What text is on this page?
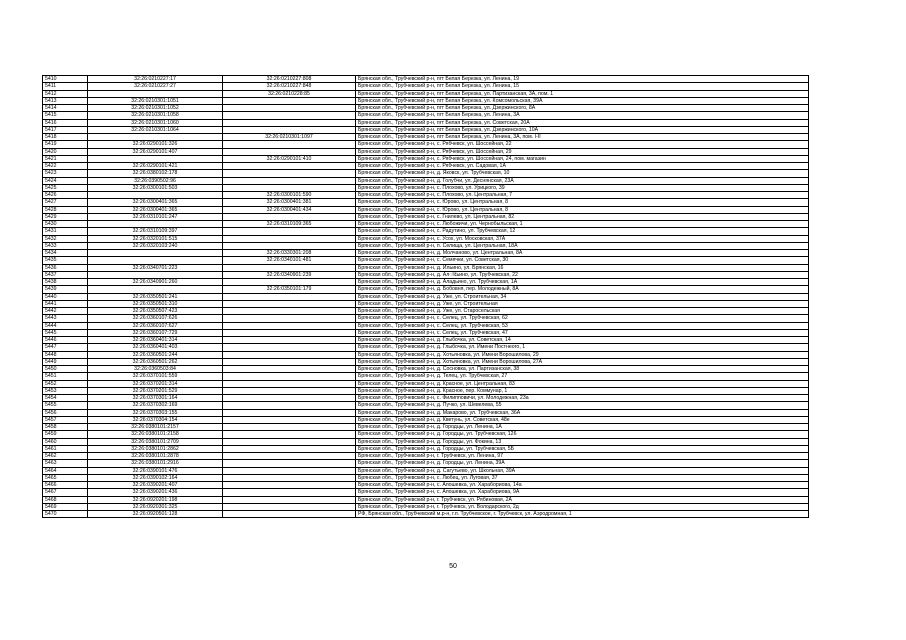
5410	32:26:0210227:17	32:26:0210227:808	Брянская обл., Трубчевский р-н, пгт Белая Березка, ул. Ленина, 19
5411	32:26:0210227:27	32:26:0210227:848	Брянская обл., Трубчевский р-н, пгт Белая Березка, ул. Ленина, 15
5412		32:26:0210228:85	Брянская обл., Трубчевский р-н, пгт Белая Березка, ул. Партизанская, 3А, пом. 1
5413	32:26:0210301:1051		Брянская обл., Трубчевский р-н, пгт Белая Березка, ул. Комсомольская, 39А
5414	32:26:0210301:1052		Брянская обл., Трубчевский р-н, пгт Белая Березка, ул. Дзержинского, 8А
5415	32:26:0210301:1058		Брянская обл., Трубчевский р-н, пгт Белая Березка, ул. Ленина, 3А
5416	32:26:0210301:1060		Брянская обл., Трубчевский р-н, пгт Белая Березка, ул. Советская, 20А
5417	32:26:0210301:1064		Брянская обл., Трубчевский р-н, пгт Белая Березка, ул. Дзержинского, 10А
5418		32:26:0210301:1097	Брянская обл., Трубчевский р-н, пгт Белая Березка, ул. Ленина, 3А, пом. I-II
5419	32:26:0290101:326		Брянская обл., Трубчевский р-н, с. Рябчевск, ул. Шоссейная, 22
5420	32:26:0290101:407		Брянская обл., Трубчевский р-н, с. Рябчевск, ул. Шоссейная, 29
5421		32:26:0290101:410	Брянская обл., Трубчевский р-н, с. Рябчевск, ул. Шоссейная, 24, пом. магазин
5422	32:26:0290101:421		Брянская обл., Трубчевский р-н, с. Рябчевск, ул. Садовая, 1А
5423	32:26:0380102:178		Брянская обл., Трубчевский р-н, д. Яковск, ул. Трубчевская, 10
5424	32:26:0390502:96		Брянская обл., Трубчевский р-н, д. Голубчи, ул. Деснянская, 23А
5425	32:26:0300101:503		Брянская обл., Трубчевский р-н, с. Плохово, ул. Урицкого, 39
5426		32:26:0300101:590	Брянская обл., Трубчевский р-н, с. Плохово, ул. Центральная, 7
5427	32:26:0300401:365	32:26:0300401:381	Брянская обл., Трубчевский р-н, с. Юрово, ул. Центральная, 8
5428	32:26:0300401:365	32:26:0300401:434	Брянская обл., Трубчевский р-н, с. Юрово, ул. Центральная, 8
5429	32:26:0310101:247		Брянская обл., Трубчевский р-н, с. Гнилево, ул. Центральная, 82
5430		32:26:0310109:365	Брянская обл., Трубчевский р-н, с. Любожичи, ул. Чернобыльская, 1
5431	32:26:0310109:397		Брянская обл., Трубчевский р-н, с. Радутино, ул. Трубчевская, 12
5432	32:26:0320101:515		Брянская обл., Трубчевский р-н, с. Усох, ул. Московская, 37А
5433	32:26:0320103:240		Брянская обл., Трубчевский р-н, п. Селища, ул. Центральная, 18А
5434		32:26:0330301:208	Брянская обл., Трубчевский р-н, д. Молчаново, ул. Центральная, 8А
5435		32:26:0340101:481	Брянская обл., Трубчевский р-н, с. Семячки, ул. Советская, 30
5436	32:26:0340701:223		Брянская обл., Трубчевский р-н, д. Ильино, ул. Брянская, 16
5437		32:26:0340901:239	Брянская обл., Трубчевский р-н, д. Алादьино, ул. Трубчевская, 22
5438	32:26:0340901:260		Брянская обл., Трубчевский р-н, д. Аладьино, ул. Трубчевская, 1А
5439		32:26:0350101:179	Брянская обл., Трубчевский р-н, д. Бобовня, пер. Молодежный, 8А
5440	32:26:0350501:241		Брянская обл., Трубчевский р-н, д. Уже, ул. Строительная, 34
5441	32:26:0350501:310		Брянская обл., Трубчевский р-н, д. Уже, ул. Строительная
5442	32:26:0350507:423		Брянская обл., Трубчевский р-н, д. Уже, ул. Старосельская
5443	32:26:0360107:626		Брянская обл., Трубчевский р-н, с. Селец, ул. Трубчевская, 62
5444	32:26:0360107:627		Брянская обл., Трубчевский р-н, с. Селец, ул. Трубчевская, 53
5445	32:26:0360107:729		Брянская обл., Трубчевский р-н, с. Селец, ул. Трубчевская, 47
5446	32:26:0360401:314		Брянская обл., Трубчевский р-н, д. Глыбочка, ул. Советская, 14
5447	32:26:0360401:403		Брянская обл., Трубчевский р-н, д. Глыбочка, ул. Имени Постнеого, 1
5448	32:26:0360501:244		Брянская обл., Трубчевский р-н, д. Хотьяновка, ул. Имени Ворошилова, 29
5449	32:26:0360501:262		Брянская обл., Трубчевский р-н, д. Хотьяновка, ул. Имени Ворошилова, 27А
5450	32:26:0360503:84		Брянская обл., Трубчевский р-н, д. Сосновка, ул. Партизанская, 38
5451	32:26:0370101:559		Брянская обл., Трубчевский р-н, д. Телец, ул. Трубчевская, 27
5452	32:26:0370201:314		Брянская обл., Трубчевский р-н, д. Красное, ул. Центральная, 83
5453	32:26:0370201:529		Брянская обл., Трубчевский р-н, д. Красное, пер. Коммунар, 1
5454	32:26:0370301:164		Брянская обл., Трубчевский р-н, с. Филипповичи, ул. Молодежная, 23а
5455	32:26:0370302:169		Брянская обл., Трубчевский р-н, д. Пучко, ул. Шевелева, 55
5456	32:26:0370303:155		Брянская обл., Трубчевский р-н, д. Макарово, ул. Трубчевская, 36А
5457	32:26:0370304:154		Брянская обл., Трубчевский р-н, д. Кветунь, ул. Советская, 48е
5458	32:26:0380101:2157		Брянская обл., Трубчевский р-н, д. Городцы, ул. Ленина, 1А
5459	32:26:0380101:2158		Брянская обл., Трубчевский р-н, д. Городцы, ул. Трубчевская, 126
5460	32:26:0380101:2709		Брянская обл., Трубчевский р-н, д. Городцы, ул. Фокина, 13
5461	32:26:0380101:2862		Брянская обл., Трубчевский р-н, д. Городцы, ул. Трубчевская, 5Б
5462	32:26:0380101:2878		Брянская обл., Трубчевский р-н, г. Трубчевск, ул. Ленина, 97
5463	32:26:0380101:2916		Брянская обл., Трубчевский р-н, д. Городцы, ул. Ленина, 39А
5464	32:26:0390101:476		Брянская обл., Трубчевский р-н, д. Сагутьево, ул. Школьная, 39А
5465	32:26:0390102:164		Брянская обл., Трубчевский р-н, с. Любец, ул. Луговая, 37
5466	32:26:0390201:407		Брянская обл., Трубчевский р-н, с. Апошевка, ул. Харабориова, 14а
5467	32:26:0390201:436		Брянская обл., Трубчевский р-н, с. Апошевка, ул. Харабориова, 9А
5468	32:26:0920201:198		Брянская обл., Трубчевский р-н, г. Трубчевск, ул. Рябиновая, 2А
5469	32:26:0920301:325		Брянская обл., Трубчевский р-н, г. Трубчевск, ул. Володарского, 2д
5470	32:26:0920501:128		РФ, Брянская обл., Трубчевский м.р-н, г.п. Трубчевское, г. Трубчевск, ул. Аэродромная, 1
50
